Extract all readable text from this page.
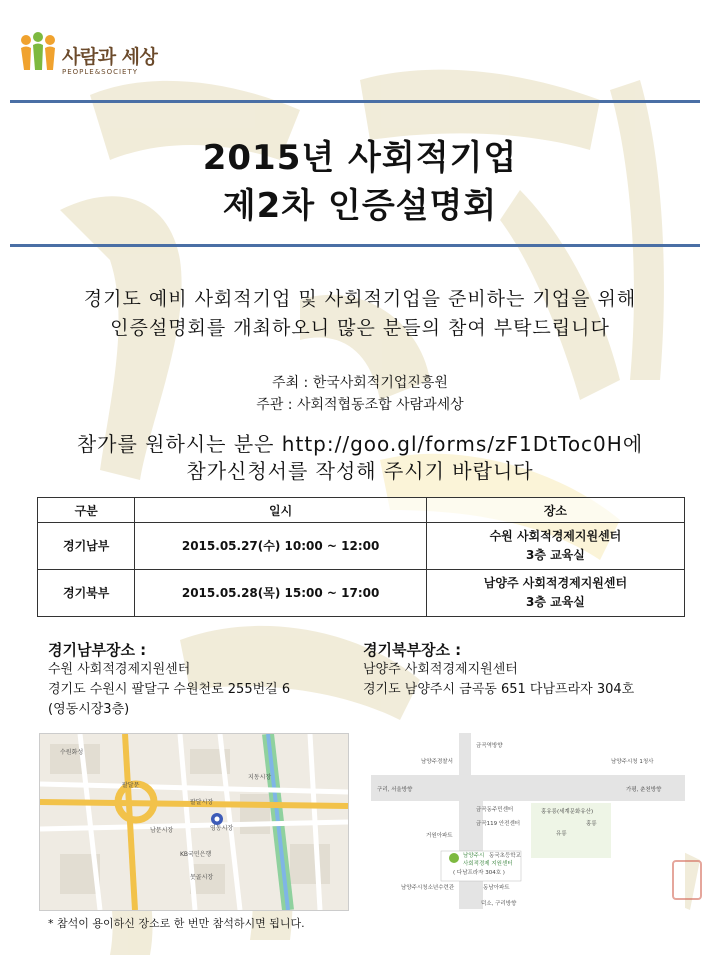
사람과 세상
PEOPLE&SOCIETY
2015년 사회적기업
제2차 인증설명회
경기도 예비 사회적기업 및 사회적기업을 준비하는 기업을 위해
인증설명회를 개최하오니 많은 분들의 참여 부탁드립니다
주최 : 한국사회적기업진흥원
주관 : 사회적협동조합 사람과세상
참가를 원하시는 분은 http://goo.gl/forms/zF1DtToc0H에
참가신청서를 작성해 주시기 바랍니다
구분	일시	장소
경기남부	2015.05.27(수) 10:00 ~ 12:00	수원 사회적경제지원센터
3층 교육실

경기북부	2015.05.28(목) 15:00 ~ 17:00	남양주 사회적경제지원센터
3층 교육실
경기남부장소 :
수원 사회적경제지원센터
경기도 수원시 팔달구 수원천로 255번길 6
(영동시장3층)
경기북부장소 :
남양주 사회적경제지원센터
경기도 남양주시 금곡동 651 다남프라자 304호
팔달문
팔달시장
영동시장
남문시장
수원화성
지동시장
못골시장
KB국민은행
금곡역방향
남양주경찰서	남양주시청 1청사
구리, 서울방향	가평, 춘천방향
금곡동주민센터	홍유릉(세계문화유산)
금곡119 안전센터
유릉
홍릉
거원아파트
남양주시
사회적경제 지원센터
( 다남프라자 304호 )
동국초등학교
남양주시청소년수련관	동남아파트
덕소, 구리방향
* 참석이 용이하신 장소로 한 번만 참석하시면 됩니다.
